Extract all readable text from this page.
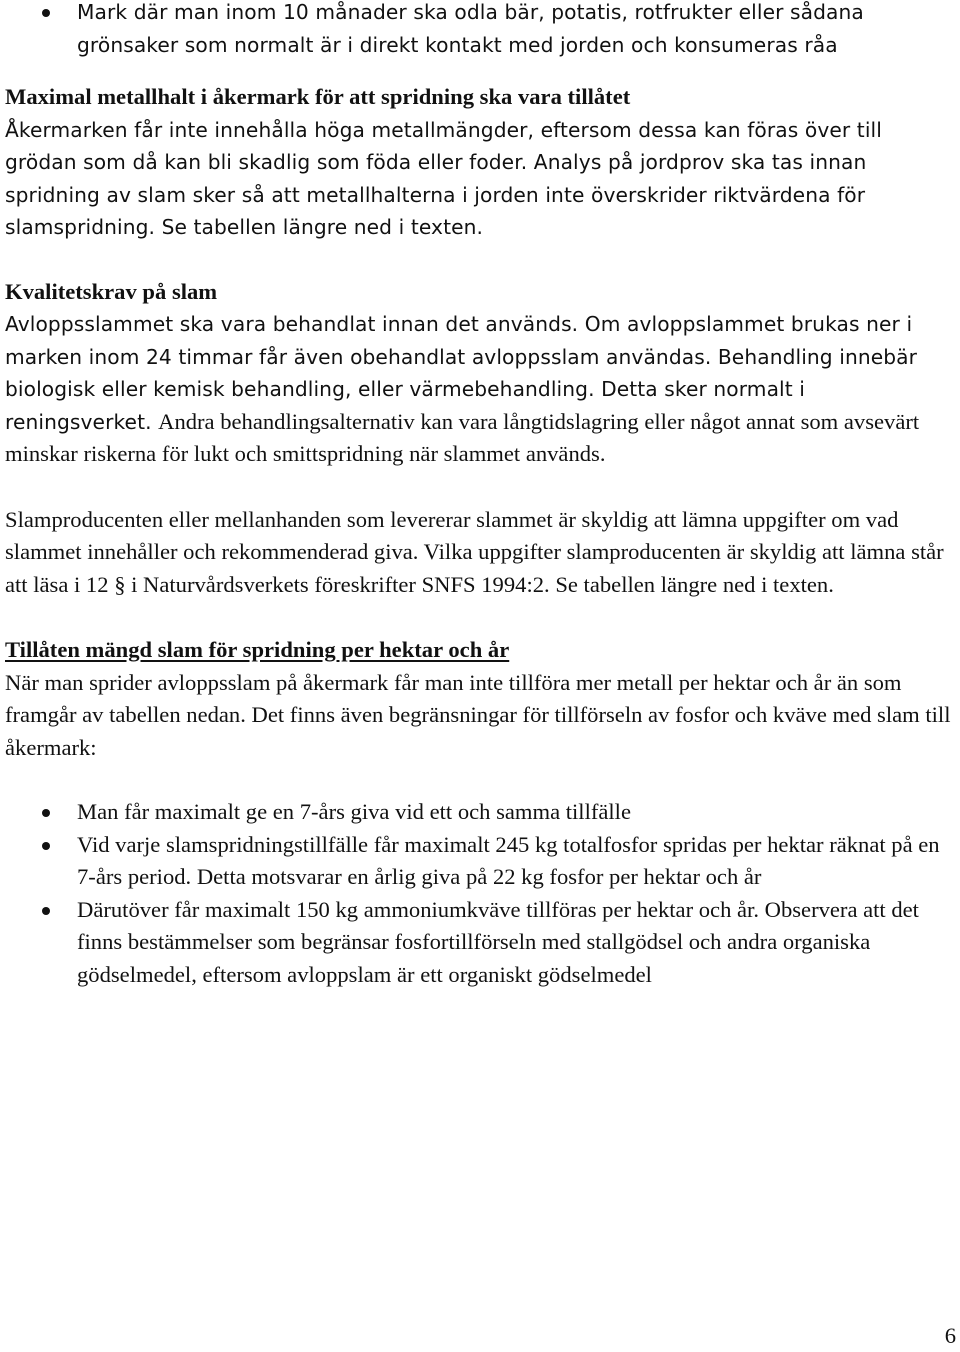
Mark där man inom 10 månader ska odla bär, potatis, rotfrukter eller sådana grönsaker som normalt är i direkt kontakt med jorden och konsumeras råa

Maximal metallhalt i åkermark för att spridning ska vara tillåtet

Åkermarken får inte innehålla höga metallmängder, eftersom dessa kan föras över till grödan som då kan bli skadlig som föda eller foder. Analys på jordprov ska tas innan spridning av slam sker så att metallhalterna i jorden inte överskrider riktvärdena för slamspridning. Se tabellen längre ned i texten.

Kvalitetskrav på slam

Avloppsslammet ska vara behandlat innan det används. Om avloppslammet brukas ner i marken inom 24 timmar får även obehandlat avloppsslam användas. Behandling innebär biologisk eller kemisk behandling, eller värmebehandling. Detta sker normalt i reningsverket. Andra behandlingsalternativ kan vara långtidslagring eller något annat som avsevärt minskar riskerna för lukt och smittspridning när slammet används.

Slamproducenten eller mellanhanden som levererar slammet är skyldig att lämna uppgifter om vad slammet innehåller och rekommenderad giva. Vilka uppgifter slamproducenten är skyldig att lämna står att läsa i 12 § i Naturvårdsverkets föreskrifter SNFS 1994:2. Se tabellen längre ned i texten.

Tillåten mängd slam för spridning per hektar och år

När man sprider avloppsslam på åkermark får man inte tillföra mer metall per hektar och år än som framgår av tabellen nedan. Det finns även begränsningar för tillförseln av fosfor och kväve med slam till åkermark:

Man får maximalt ge en 7-års giva vid ett och samma tillfälle
Vid varje slamspridningstillfälle får maximalt 245 kg totalfosfor spridas per hektar räknat på en 7-års period. Detta motsvarar en årlig giva på 22 kg fosfor per hektar och år
Därutöver får maximalt 150 kg ammoniumkväve tillföras per hektar och år. Observera att det finns bestämmelser som begränsar fosfortillförseln med stallgödsel och andra organiska gödselmedel, eftersom avloppslam är ett organiskt gödselmedel
6
